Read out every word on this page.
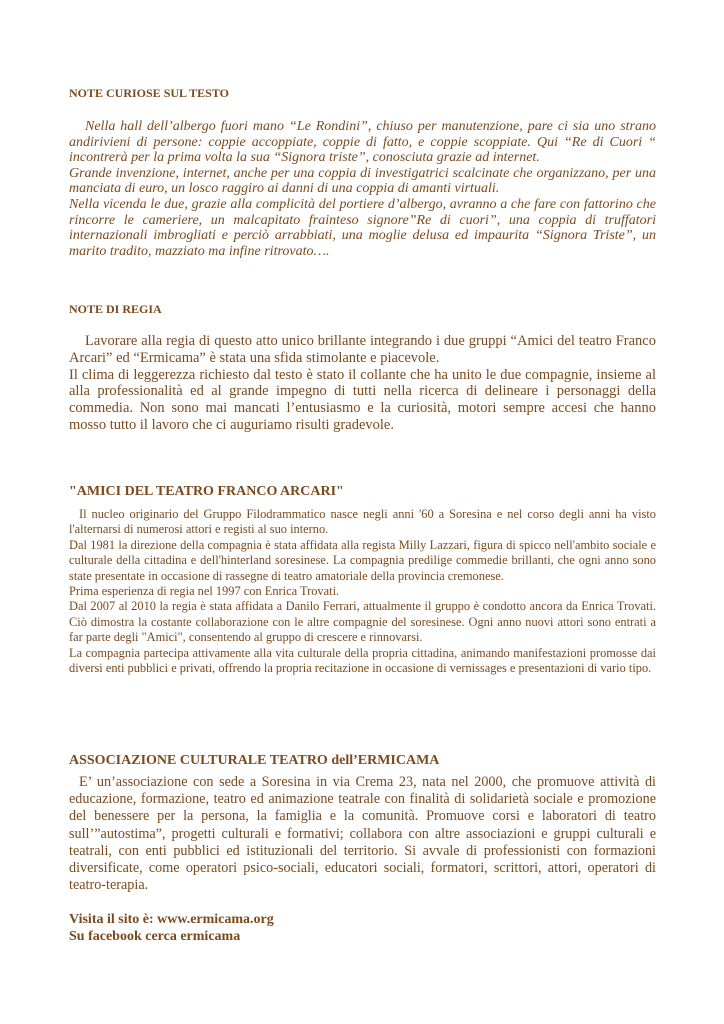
NOTE CURIOSE SUL TESTO

Nella hall dell’albergo fuori mano “Le Rondini”, chiuso per manutenzione, pare ci sia uno strano andirivieni di persone: coppie accoppiate, coppie di fatto, e coppie scoppiate. Qui “Re di Cuori “ incontrerà per la prima volta la sua “Signora triste”, conosciuta grazie ad internet.

Grande invenzione, internet, anche per una coppia di investigatrici scalcinate che organizzano, per una manciata di euro, un losco raggiro ai danni di una coppia di amanti virtuali.

Nella vicenda le due, grazie alla complicità del portiere d’albergo, avranno a che fare con fattorino che rincorre le cameriere, un malcapitato frainteso signore”Re di cuori”, una coppia di truffatori internazionali imbrogliati e perciò arrabbiati, una moglie delusa ed impaurita “Signora Triste”, un marito tradito, mazziato ma infine ritrovato….

NOTE DI REGIA

Lavorare alla regia di questo atto unico brillante integrando i due gruppi “Amici del teatro Franco Arcari” ed “Ermicama” è stata una sfida stimolante e piacevole.

Il clima di leggerezza richiesto dal testo è stato il collante che ha unito le due compagnie, insieme al alla professionalità ed al grande impegno di tutti nella ricerca di delineare i personaggi della commedia. Non sono mai mancati l’entusiasmo e la curiosità, motori sempre accesi che hanno mosso tutto il lavoro che ci auguriamo risulti gradevole.

"AMICI DEL TEATRO FRANCO ARCARI"

Il nucleo originario del Gruppo Filodrammatico nasce negli anni '60 a Soresina e nel corso degli anni ha visto l'alternarsi di numerosi attori e registi al suo interno.

Dal 1981 la direzione della compagnia è stata affidata alla regista Milly Lazzari, figura di spicco nell'ambito sociale e culturale della cittadina e dell'hinterland soresinese. La compagnia predilige commedie brillanti, che ogni anno sono state presentate in occasione di rassegne di teatro amatoriale della provincia cremonese.

Prima esperienza di regia nel 1997 con Enrica Trovati.

Dal 2007 al 2010 la regia è stata affidata a Danilo Ferrari, attualmente il gruppo è condotto ancora da Enrica Trovati. Ciò dimostra la costante collaborazione con le altre compagnie del soresinese. Ogni anno nuovi attori sono entrati a far parte degli "Amici", consentendo al gruppo di crescere e rinnovarsi.

La compagnia partecipa attivamente alla vita culturale della propria cittadina, animando manifestazioni promosse dai diversi enti pubblici e privati, offrendo la propria recitazione in occasione di vernissages e presentazioni di vario tipo.

ASSOCIAZIONE CULTURALE TEATRO dell’ERMICAMA

E’ un’associazione con sede a Soresina in via Crema 23, nata nel 2000, che promuove attività di educazione, formazione, teatro ed animazione teatrale con finalità di solidarietà sociale e promozione del benessere per la persona, la famiglia e la comunità. Promuove corsi e laboratori di teatro sull’”autostima”, progetti culturali e formativi; collabora con altre associazioni e gruppi culturali e teatrali, con enti pubblici ed istituzionali del territorio. Si avvale di professionisti con formazioni diversificate, come operatori psico-sociali, educatori sociali, formatori, scrittori, attori, operatori di teatro-terapia.

Visita il sito è: www.ermicama.org
Su facebook cerca ermicama
